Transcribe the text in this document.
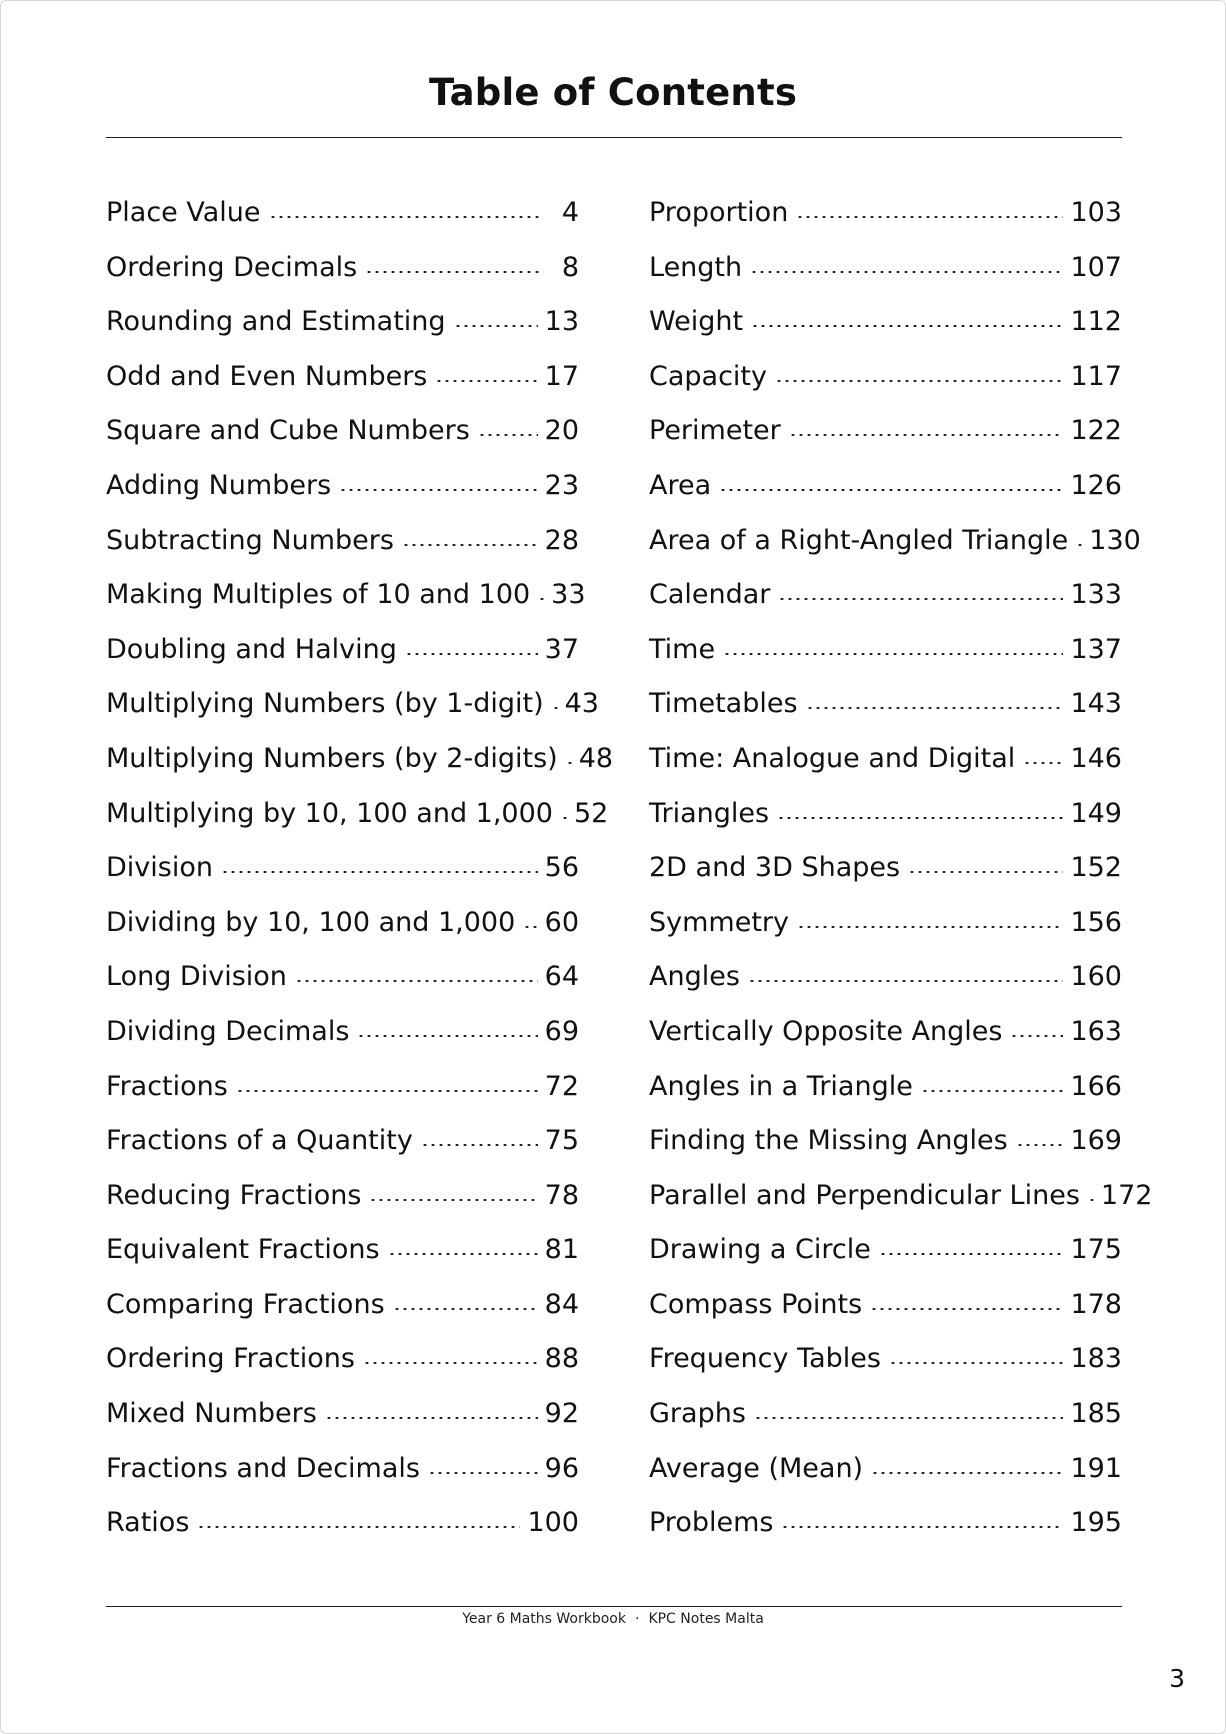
Table of Contents
Place Value	4
Ordering Decimals	8
Rounding and Estimating	13
Odd and Even Numbers	17
Square and Cube Numbers	20
Adding Numbers	23
Subtracting Numbers	28
Making Multiples of 10 and 100 33
Doubling and Halving	37
Multiplying Numbers (by 1-digit) 43
Multiplying Numbers (by 2-digits) 48
Multiplying by 10, 100 and 1,000 52
Division	56
Dividing by 10, 100 and 1,000 60
Long Division	64
Dividing Decimals	69
Fractions	72
Fractions of a Quantity	75
Reducing Fractions	78
Equivalent Fractions	81
Comparing Fractions	84
Ordering Fractions	88
Mixed Numbers	92
Fractions and Decimals	96
Ratios	100
Proportion	103
Length	107
Weight	112
Capacity	117
Perimeter	122
Area	126
Area of a Right-Angled Triangle 130
Calendar	133
Time	137
Timetables	143
Time: Analogue and Digital 146
Triangles	149
2D and 3D Shapes	152
Symmetry	156
Angles	160
Vertically Opposite Angles	163
Angles in a Triangle	166
Finding the Missing Angles 169
Parallel and Perpendicular Lines 172
Drawing a Circle	175
Compass Points	178
Frequency Tables	183
Graphs	185
Average (Mean)	191
Problems	195
Year 6 Maths Workbook · KPC Notes Malta
3
